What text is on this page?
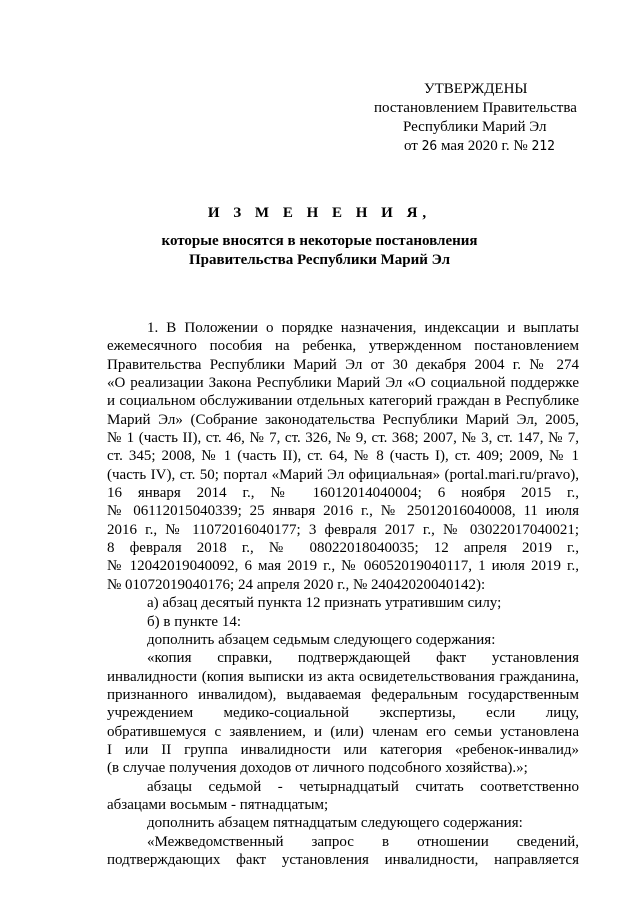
УТВЕРЖДЕНЫ
постановлением Правительства
Республики Марий Эл
от 26 мая 2020 г. № 212
И З М Е Н Е Н И Я,
которые вносятся в некоторые постановления
Правительства Республики Марий Эл
1. В Положении о порядке назначения, индексации и выплаты
ежемесячного пособия на ребенка, утвержденном постановлением
Правительства Республики Марий Эл от 30 декабря 2004 г. № 274
«О реализации Закона Республики Марий Эл «О социальной поддержке
и социальном обслуживании отдельных категорий граждан в Республике
Марий Эл» (Собрание законодательства Республики Марий Эл, 2005,
№ 1 (часть II), ст. 46, № 7, ст. 326, № 9, ст. 368; 2007, № 3, ст. 147, № 7,
ст. 345; 2008, № 1 (часть II), ст. 64, № 8 (часть I), ст. 409; 2009, № 1
(часть IV), ст. 50; портал «Марий Эл официальная» (portal.mari.ru/pravo),
16 января 2014 г., № 16012014040004; 6 ноября 2015 г.,
№ 06112015040339; 25 января 2016 г., № 25012016040008, 11 июля
2016 г., № 11072016040177; 3 февраля 2017 г., № 03022017040021;
8 февраля 2018 г., № 08022018040035; 12 апреля 2019 г.,
№ 12042019040092, 6 мая 2019 г., № 06052019040117, 1 июля 2019 г.,
№ 01072019040176; 24 апреля 2020 г., № 24042020040142):
а) абзац десятый пункта 12 признать утратившим силу;
б) в пункте 14:
дополнить абзацем седьмым следующего содержания:
«копия справки, подтверждающей факт установления
инвалидности (копия выписки из акта освидетельствования гражданина,
признанного инвалидом), выдаваемая федеральным государственным
учреждением медико-социальной экспертизы, если лицу,
обратившемуся с заявлением, и (или) членам его семьи установлена
I или II группа инвалидности или категория «ребенок-инвалид»
(в случае получения доходов от личного подсобного хозяйства).»;
абзацы седьмой - четырнадцатый считать соответственно
абзацами восьмым - пятнадцатым;
дополнить абзацем пятнадцатым следующего содержания:
«Межведомственный запрос в отношении сведений,
подтверждающих факт установления инвалидности, направляется
